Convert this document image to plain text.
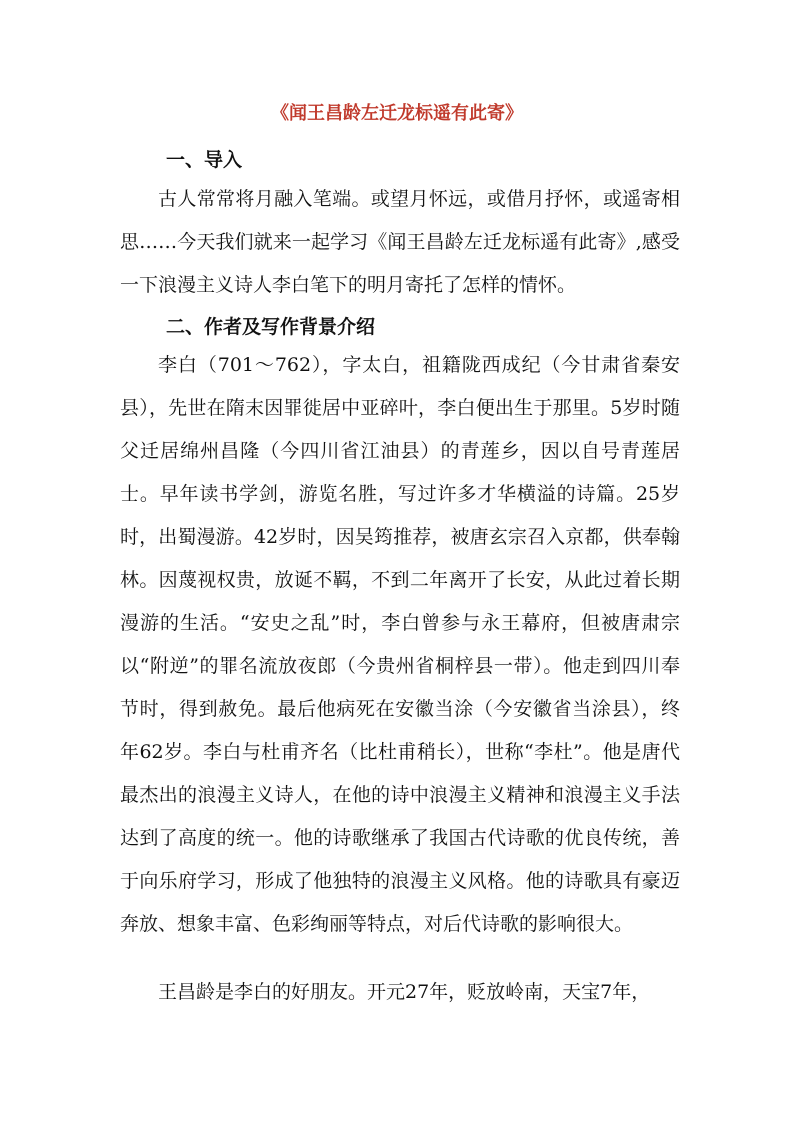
《闻王昌龄左迁龙标遥有此寄》
一、导入
古人常常将月融入笔端。或望月怀远，或借月抒怀，或遥寄相思……今天我们就来一起学习《闻王昌龄左迁龙标遥有此寄》,感受一下浪漫主义诗人李白笔下的明月寄托了怎样的情怀。
二、作者及写作背景介绍
李白（701～762），字太白，祖籍陇西成纪（今甘肃省秦安县），先世在隋末因罪徙居中亚碎叶，李白便出生于那里。5岁时随父迁居绵州昌隆（今四川省江油县）的青莲乡，因以自号青莲居士。早年读书学剑，游览名胜，写过许多才华横溢的诗篇。25岁时，出蜀漫游。42岁时，因吴筠推荐，被唐玄宗召入京都，供奉翰林。因蔑视权贵，放诞不羁，不到二年离开了长安，从此过着长期漫游的生活。“安史之乱”时，李白曾参与永王幕府，但被唐肃宗以“附逆”的罪名流放夜郎（今贵州省桐梓县一带）。他走到四川奉节时，得到赦免。最后他病死在安徽当涂（今安徽省当涂县），终年62岁。李白与杜甫齐名（比杜甫稍长），世称“李杜”。他是唐代最杰出的浪漫主义诗人，在他的诗中浪漫主义精神和浪漫主义手法达到了高度的统一。他的诗歌继承了我国古代诗歌的优良传统，善于向乐府学习，形成了他独特的浪漫主义风格。他的诗歌具有豪迈奔放、想象丰富、色彩绚丽等特点，对后代诗歌的影响很大。
王昌龄是李白的好朋友。开元27年，贬放岭南，天宝7年，
